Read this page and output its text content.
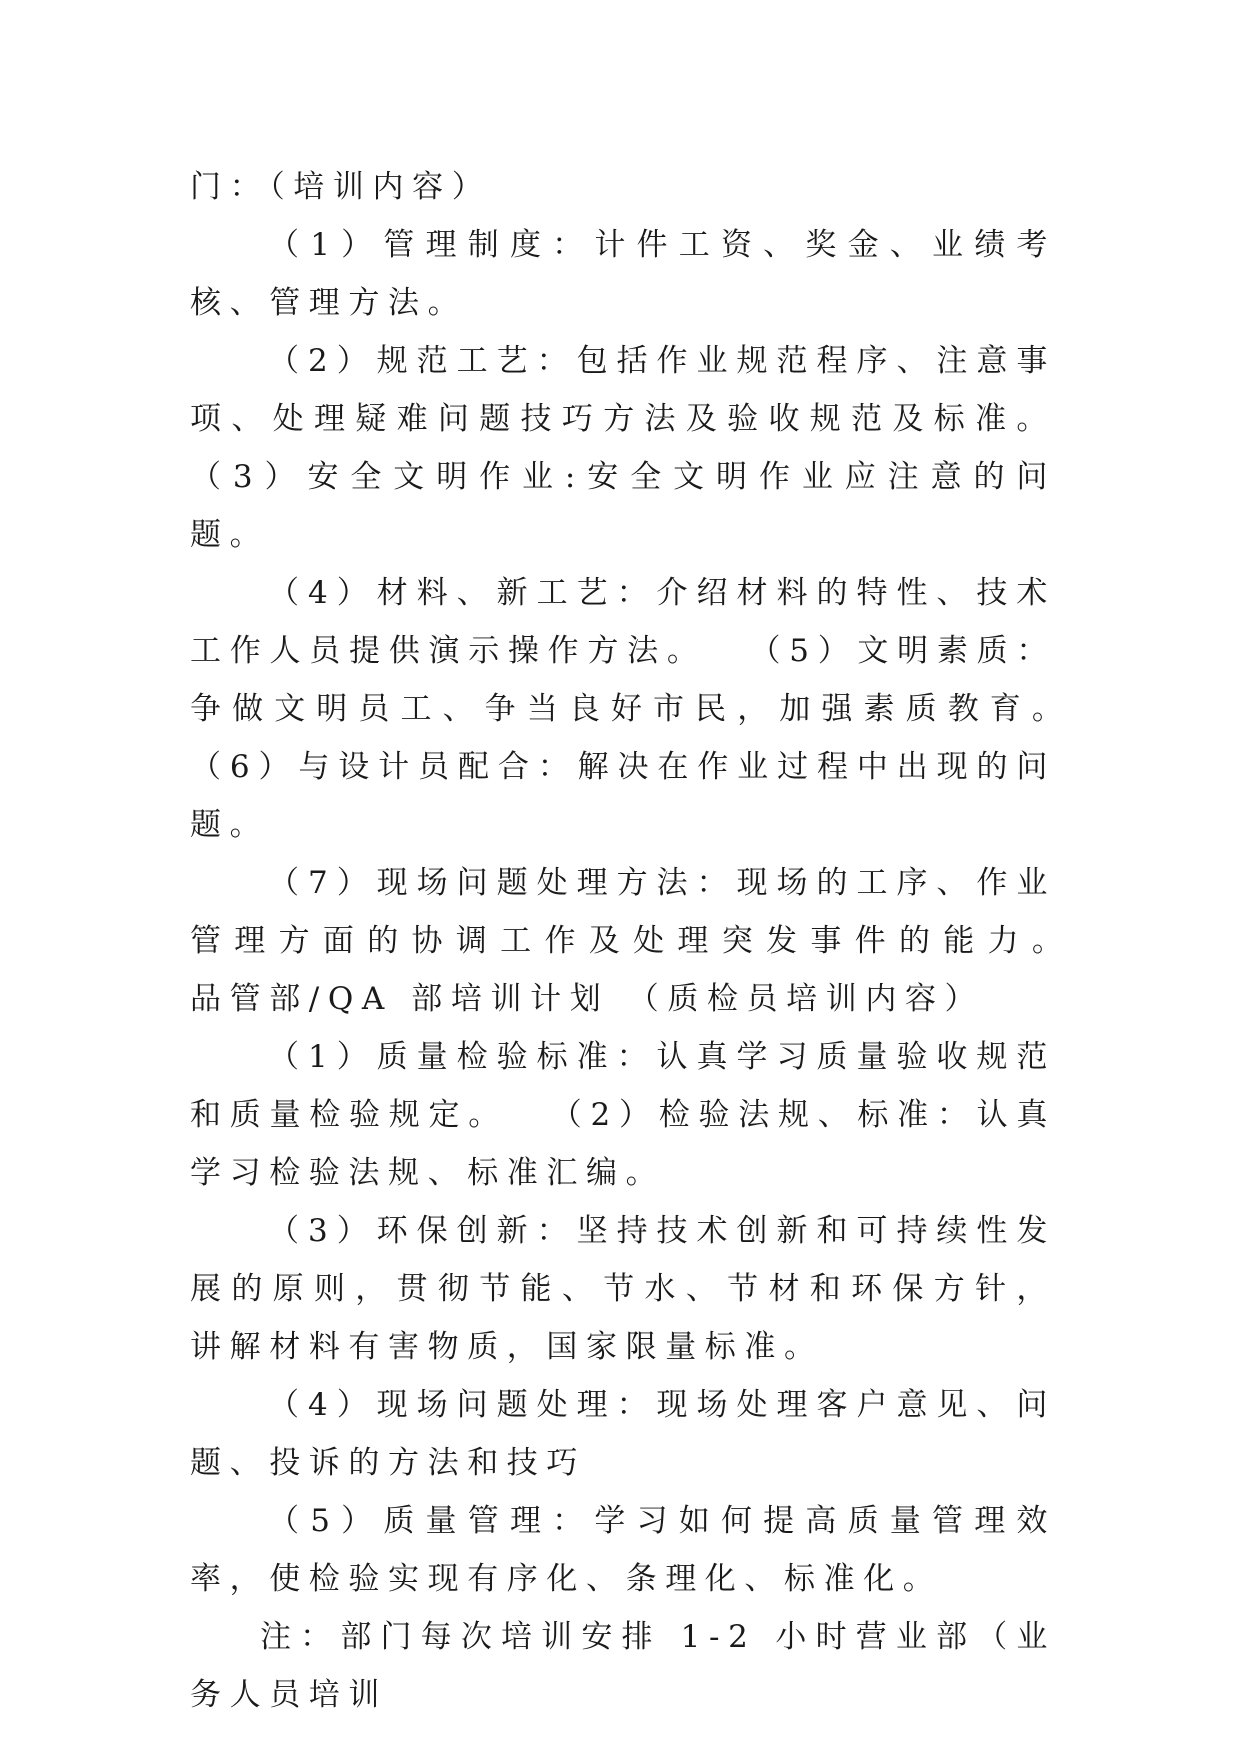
门：（培训内容）

（1）管理制度：计件工资、奖金、业绩考核、管理方法。

（2）规范工艺：包括作业规范程序、注意事项、处理疑难问题技巧方法及验收规范及标准。 （3）安全文明作业:安全文明作业应注意的问题。

（4）材料、新工艺：介绍材料的特性、技术工作人员提供演示操作方法。　 （5）文明素质：争做文明员工、争当良好市民，加强素质教育。　 （6）与设计员配合：解决在作业过程中出现的问题。

（7）现场问题处理方法：现场的工序、作业管理方面的协调工作及处理突发事件的能力。　 品管部/QA 部培训计划 （质检员培训内容）

（1）质量检验标准：认真学习质量验收规范和质量检验规定。　 （2）检验法规、标准：认真学习检验法规、标准汇编。

（3）环保创新：坚持技术创新和可持续性发展的原则，贯彻节能、节水、节材和环保方针，讲解材料有害物质，国家限量标准。

（4）现场问题处理：现场处理客户意见、问题、投诉的方法和技巧

（5）质量管理：学习如何提高质量管理效率，使检验实现有序化、条理化、标准化。

注：部门每次培训安排 1-2 小时营业部（业务人员培训
